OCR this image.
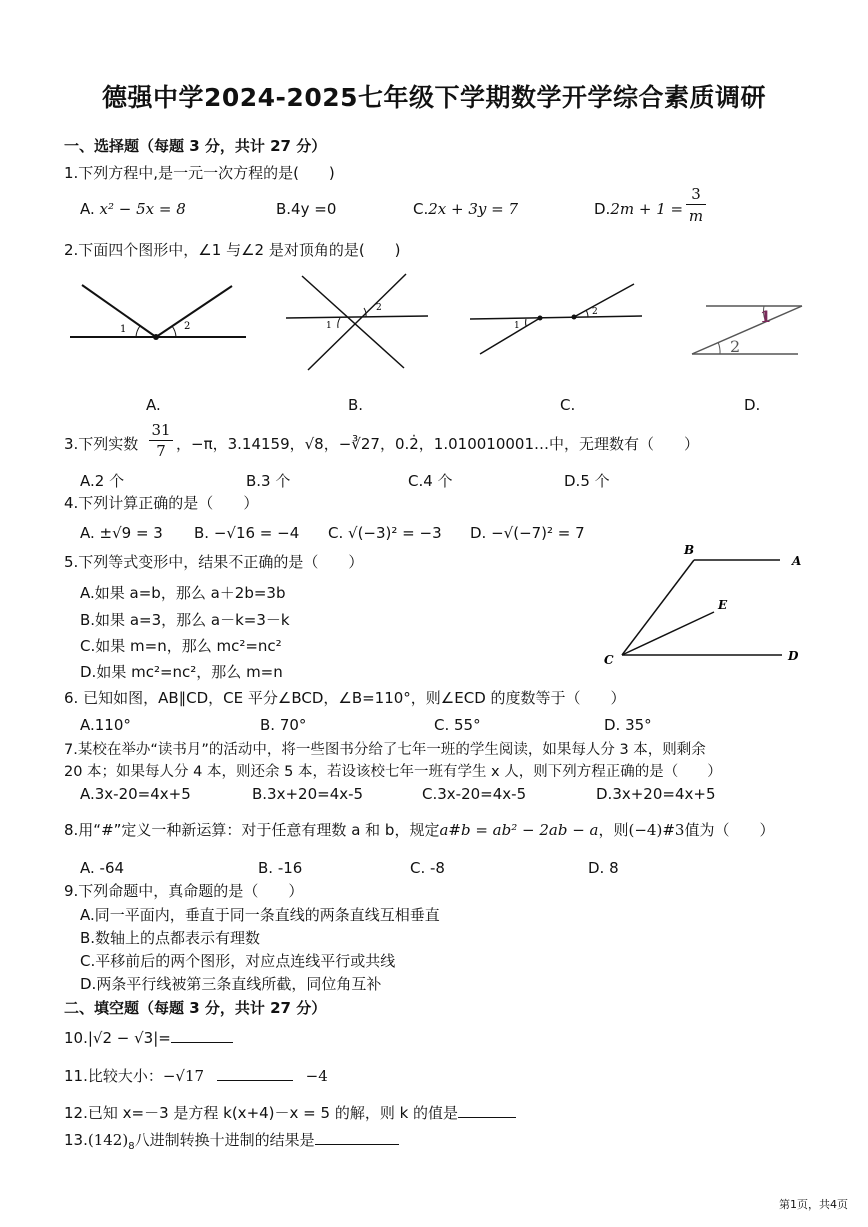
德强中学2024-2025七年级下学期数学开学综合素质调研
一、选择题（每题 3 分，共计 27 分）
1.下列方程中,是一元一次方程的是(　　)
A. x² − 5x = 8	B.4y =0	C.2x + 3y = 7	D.2m + 1 =
3
m
2.下面四个图形中，∠1 与∠2 是对顶角的是(　　)
1	2	1
2
1
2	1
2
A.	B.	C.	D.
3.下列实数
31
7 ，−π，3.14159，√8，−∛27，0.2̇，1.010010001…中，无理数有（　　）
A.2 个	B.3 个	C.4 个	D.5 个
4.下列计算正确的是（　　）
A. ±√9 = 3 B. −√16 = −4 C. √(−3)² = −3 D. −√(−7)² = 7
5.下列等式变形中，结果不正确的是（　　）
A.如果 a=b，那么 a＋2b=3b
B.如果 a=3，那么 a－k=3－k
C.如果 m=n，那么 mc²=nc²
D.如果 mc²=nc²，那么 m=n
B
A
E
C	D
6. 已知如图，AB∥CD，CE 平分∠BCD，∠B=110°，则∠ECD 的度数等于（　　）
A.110°	B. 70°	C. 55°	D. 35°
7.某校在举办“读书月”的活动中，将一些图书分给了七年一班的学生阅读，如果每人分 3 本，则剩余
20 本；如果每人分 4 本，则还余 5 本，若设该校七年一班有学生 x 人，则下列方程正确的是（　　）
A.3x-20=4x+5	B.3x+20=4x-5	C.3x-20=4x-5	D.3x+20=4x+5
8.用“#”定义一种新运算：对于任意有理数 a 和 b，规定a#b = ab² − 2ab − a，则(−4)#3值为（　　）
A. -64	B. -16	C. -8	D. 8
9.下列命题中，真命题的是（　　）
A.同一平面内，垂直于同一条直线的两条直线互相垂直
B.数轴上的点都表示有理数
C.平移前后的两个图形，对应点连线平行或共线
D.两条平行线被第三条直线所截，同位角互补
二、填空题（每题 3 分，共计 27 分）
10.|√2 − √3|=
11.比较大小：−√17	−4
12.已知 x=－3 是方程 k(x+4)－x = 5 的解，则 k 的值是
$13.(142)_8$八进制转换十进制的结果是
第1页，共4页
